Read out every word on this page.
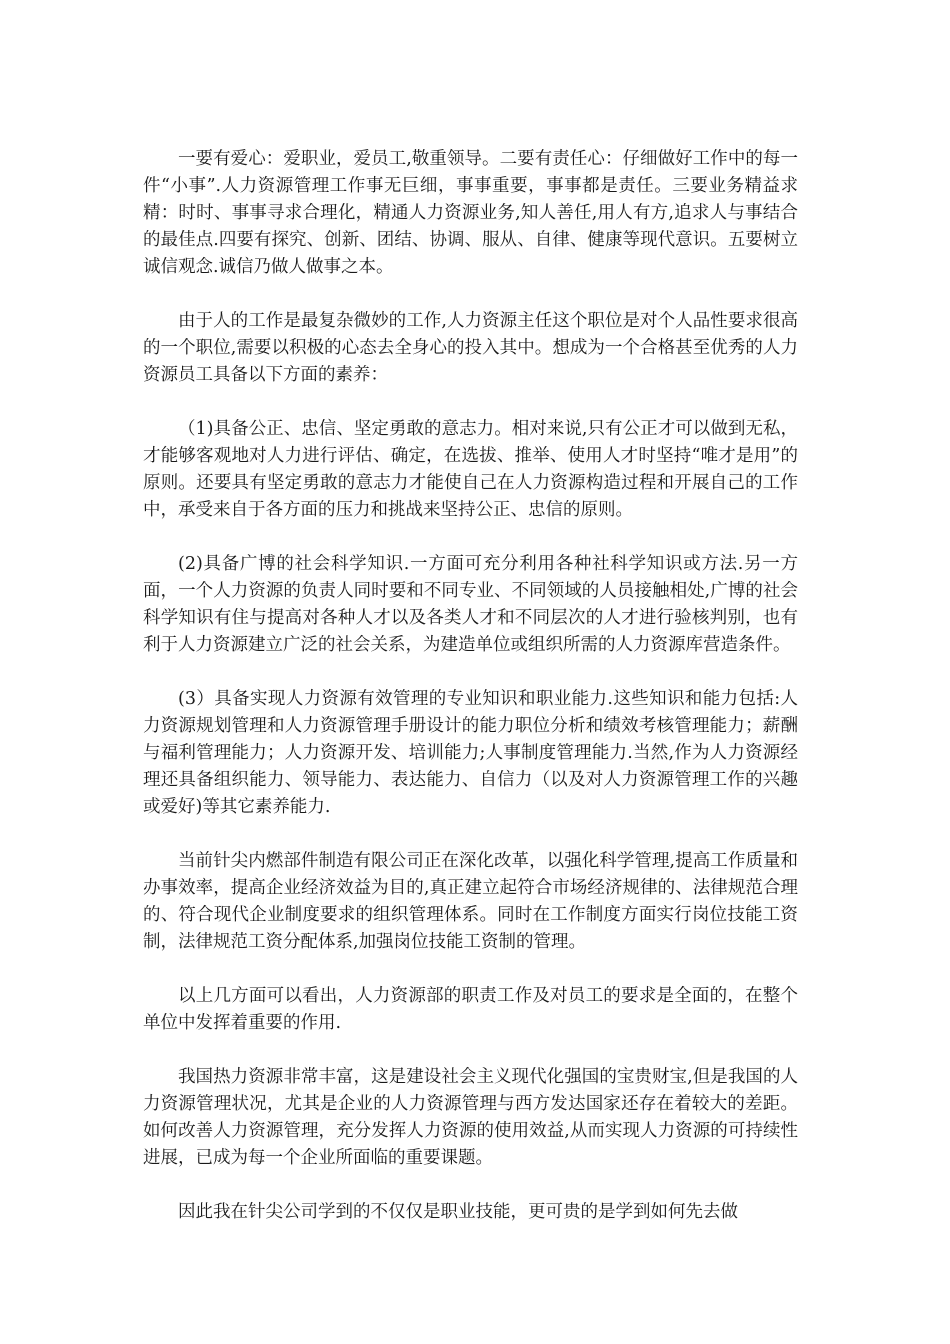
一要有爱心：爱职业，爱员工,敬重领导。二要有责任心：仔细做好工作中的每一件“小事”.人力资源管理工作事无巨细，事事重要，事事都是责任。三要业务精益求精：时时、事事寻求合理化，精通人力资源业务,知人善任,用人有方,追求人与事结合的最佳点.四要有探究、创新、团结、协调、服从、自律、健康等现代意识。五要树立诚信观念.诚信乃做人做事之本。

由于人的工作是最复杂微妙的工作,人力资源主任这个职位是对个人品性要求很高的一个职位,需要以积极的心态去全身心的投入其中。想成为一个合格甚至优秀的人力资源员工具备以下方面的素养：

（1)具备公正、忠信、坚定勇敢的意志力。相对来说,只有公正才可以做到无私，才能够客观地对人力进行评估、确定，在选拔、推举、使用人才时坚持“唯才是用”的原则。还要具有坚定勇敢的意志力才能使自己在人力资源构造过程和开展自己的工作中，承受来自于各方面的压力和挑战来坚持公正、忠信的原则。

(2)具备广博的社会科学知识.一方面可充分利用各种社科学知识或方法.另一方面，一个人力资源的负责人同时要和不同专业、不同领域的人员接触相处,广博的社会科学知识有住与提高对各种人才以及各类人才和不同层次的人才进行验核判别，也有利于人力资源建立广泛的社会关系，为建造单位或组织所需的人力资源库营造条件。

(3）具备实现人力资源有效管理的专业知识和职业能力.这些知识和能力包括:人力资源规划管理和人力资源管理手册设计的能力职位分析和绩效考核管理能力；薪酬与福利管理能力；人力资源开发、培训能力;人事制度管理能力.当然,作为人力资源经理还具备组织能力、领导能力、表达能力、自信力（以及对人力资源管理工作的兴趣或爱好)等其它素养能力.

当前针尖内燃部件制造有限公司正在深化改革，以强化科学管理,提高工作质量和办事效率，提高企业经济效益为目的,真正建立起符合市场经济规律的、法律规范合理的、符合现代企业制度要求的组织管理体系。同时在工作制度方面实行岗位技能工资制，法律规范工资分配体系,加强岗位技能工资制的管理。

以上几方面可以看出，人力资源部的职责工作及对员工的要求是全面的，在整个单位中发挥着重要的作用.

我国热力资源非常丰富，这是建设社会主义现代化强国的宝贵财宝,但是我国的人力资源管理状况，尤其是企业的人力资源管理与西方发达国家还存在着较大的差距。如何改善人力资源管理，充分发挥人力资源的使用效益,从而实现人力资源的可持续性进展，已成为每一个企业所面临的重要课题。

因此我在针尖公司学到的不仅仅是职业技能，更可贵的是学到如何先去做
